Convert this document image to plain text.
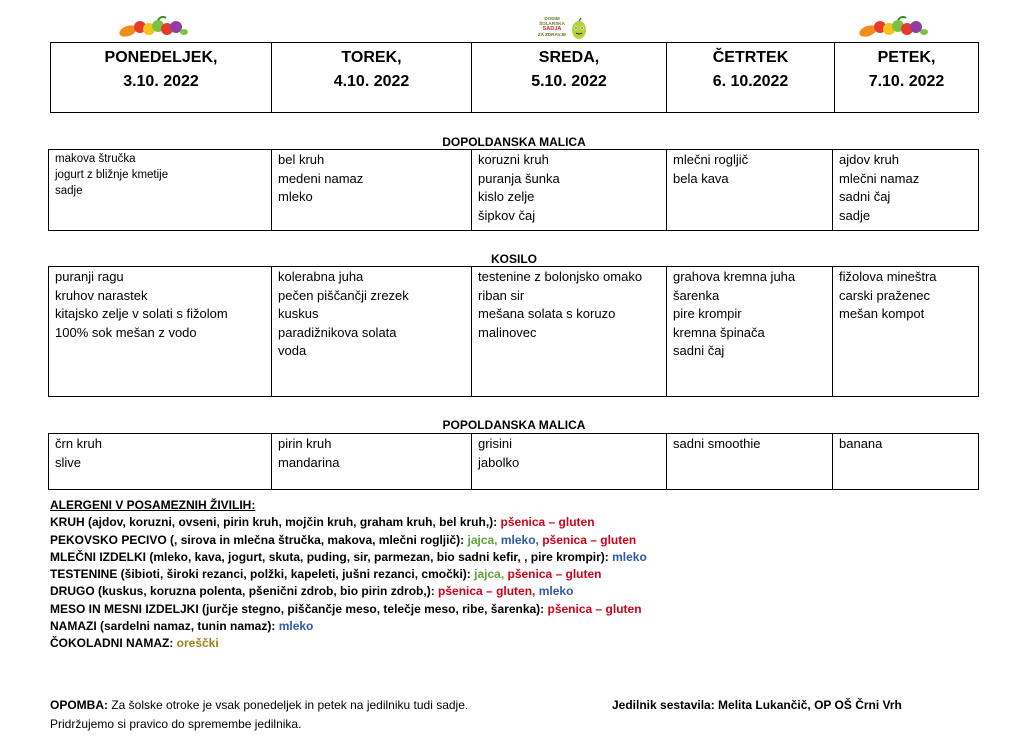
DODIM
ŠOLARSKA
SADJA
ZA ZDRAVJE
PONEDELJEK,
3.10. 2022

TOREK,
4.10. 2022

SREDA,
5.10. 2022

ČETRTEK
6. 10.2022

PETEK,
7.10. 2022
DOPOLDANSKA MALICA
makova štručka
jogurt z bližnje kmetije
sadje

bel kruh
medeni namaz
mleko

koruzni kruh
puranja šunka
kislo zelje
šipkov čaj

mlečni rogljič
bela kava

ajdov kruh
mlečni namaz
sadni čaj
sadje
KOSILO
puranji ragu
kruhov narastek
kitajsko zelje v solati s fižolom
100% sok mešan z vodo

kolerabna juha
pečen piščančji zrezek
kuskus
paradižnikova solata
voda

testenine z bolonjsko omako
riban sir
mešana solata s koruzo
malinovec

grahova kremna juha
šarenka
pire krompir
kremna špinača
sadni čaj

fižolova mineštra
carski praženec
mešan kompot
POPOLDANSKA MALICA
črn kruh
slive

pirin kruh
mandarina

grisini
jabolko

sadni smoothie	banana
ALERGENI V POSAMEZNIH ŽIVILIH:
KRUH (ajdov, koruzni, ovseni, pirin kruh, mojčin kruh, graham kruh, bel kruh,): pšenica – gluten
PEKOVSKO PECIVO (, sirova in mlečna štručka, makova, mlečni rogljič): jajca, mleko, pšenica – gluten
MLEČNI IZDELKI (mleko, kava, jogurt, skuta, puding, sir, parmezan, bio sadni kefir, , pire krompir): mleko
TESTENINE (šibioti, široki rezanci, polžki, kapeleti, jušni rezanci, cmočki): jajca, pšenica – gluten
DRUGO (kuskus, koruzna polenta, pšenični zdrob, bio pirin zdrob,): pšenica – gluten, mleko
MESO IN MESNI IZDELJKI (jurčje stegno, piščančje meso, telečje meso, ribe, šarenka): pšenica – gluten
NAMAZI (sardelni namaz, tunin namaz): mleko
ČOKOLADNI NAMAZ: oreščki
OPOMBA: Za šolske otroke je vsak ponedeljek in petek na jedilniku tudi sadje.
Pridržujemo si pravico do spremembe jedilnika.
Jedilnik sestavila: Melita Lukančič, OP OŠ Črni Vrh
